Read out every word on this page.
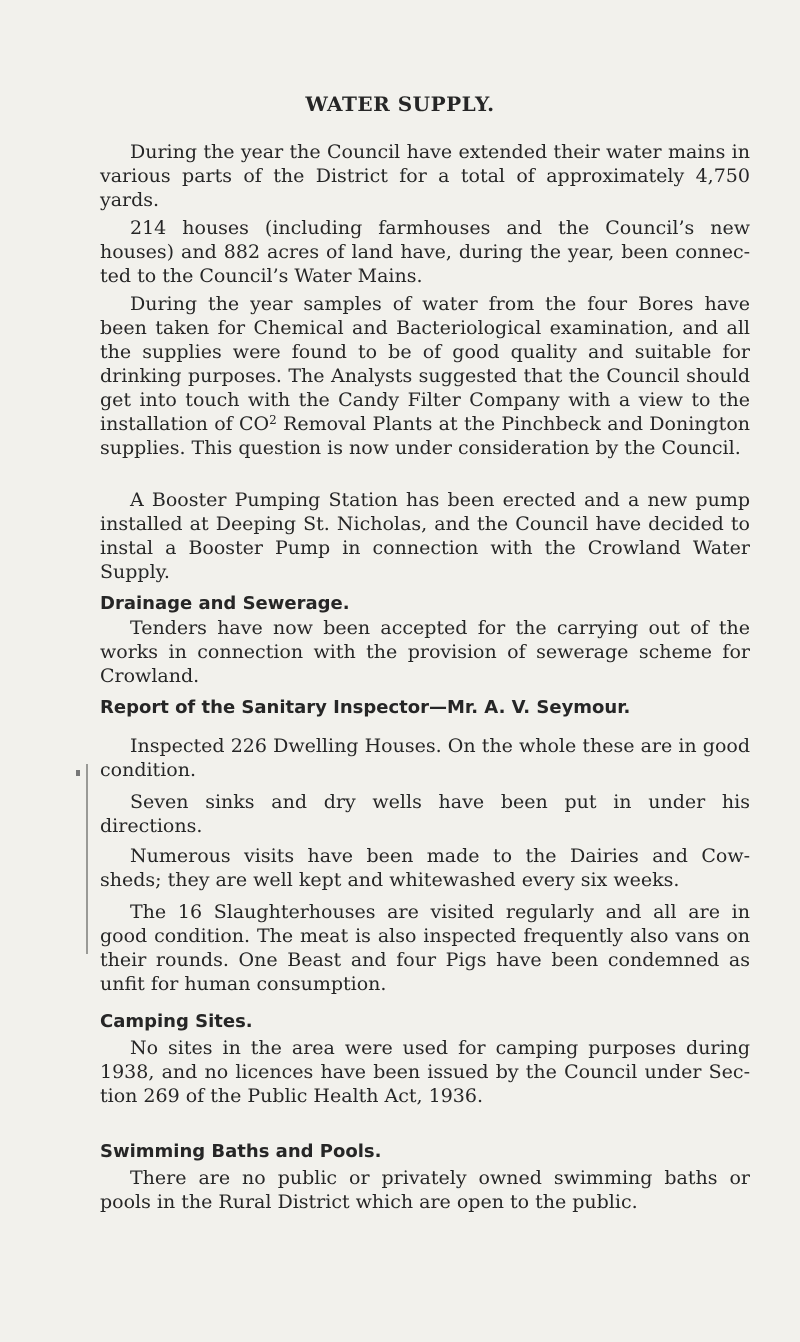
WATER SUPPLY.

During the year the Council have extended their water mains in various parts of the District for a total of approximately 4,750 yards.

214 houses (including farmhouses and the Council’s new houses) and 882 acres of land have, during the year, been connec- ted to the Council’s Water Mains.

During the year samples of water from the four Bores have been taken for Chemical and Bacteriological examination, and all the supplies were found to be of good quality and suitable for drinking purposes. The Analysts suggested that the Council should get into touch with the Candy Filter Company with a view to the installation of $CO^2$ Removal Plants at the Pinchbeck and Donington supplies. This question is now under consideration by the Council.

A Booster Pumping Station has been erected and a new pump installed at Deeping St. Nicholas, and the Council have decided to instal a Booster Pump in connection with the Crowland Water Supply.

Drainage and Sewerage.

Tenders have now been accepted for the carrying out of the works in connection with the provision of sewerage scheme for Crowland.

Report of the Sanitary Inspector—Mr. A. V. Seymour.

Inspected 226 Dwelling Houses. On the whole these are in good condition.

Seven sinks and dry wells have been put in under his directions.

Numerous visits have been made to the Dairies and Cow- sheds; they are well kept and whitewashed every six weeks.

The 16 Slaughterhouses are visited regularly and all are in good condition. The meat is also inspected frequently also vans on their rounds. One Beast and four Pigs have been condemned as unfit for human consumption.

Camping Sites.

No sites in the area were used for camping purposes during 1938, and no licences have been issued by the Council under Sec- tion 269 of the Public Health Act, 1936.

Swimming Baths and Pools.

There are no public or privately owned swimming baths or pools in the Rural District which are open to the public.
